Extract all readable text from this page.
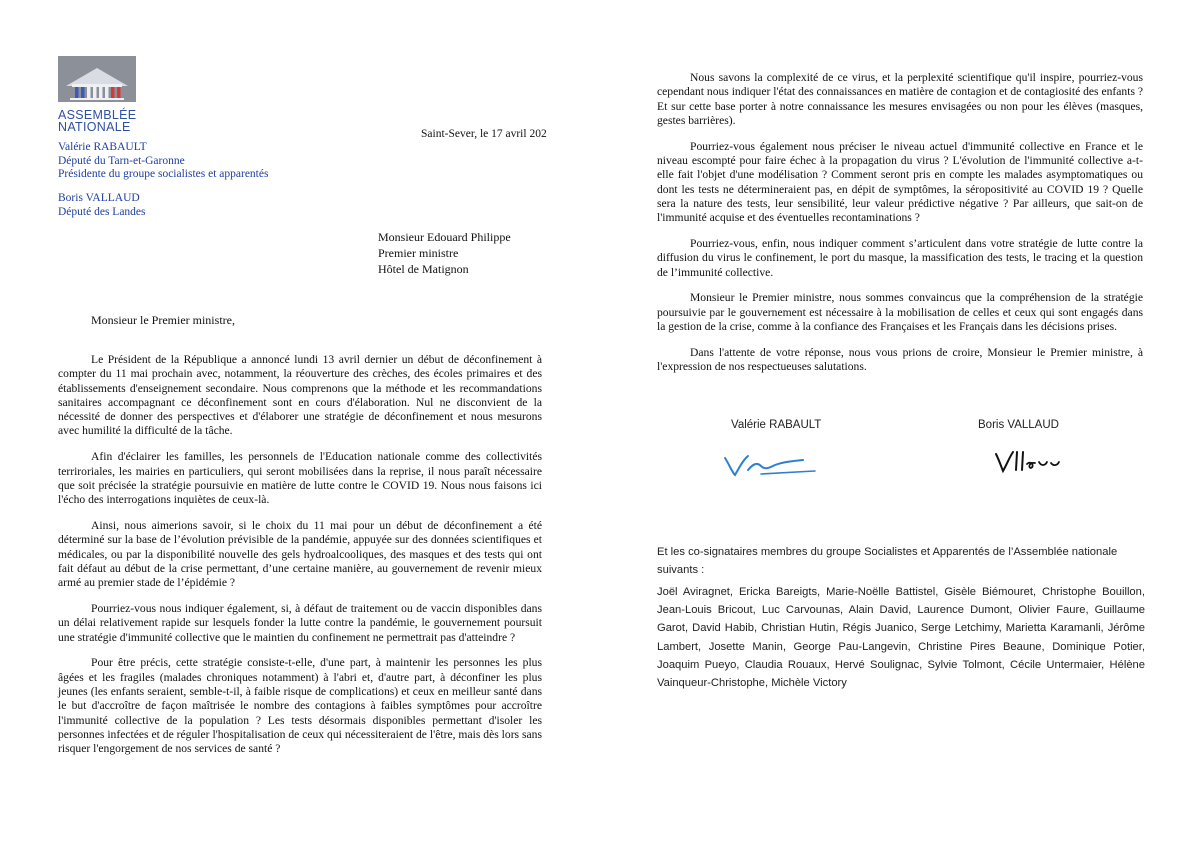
ASSEMBLÉE
NATIONALE
Valérie RABAULT
Député du Tarn-et-Garonne
Présidente du groupe socialistes et apparentés
Boris VALLAUD
Député des Landes
Saint-Sever, le 17 avril 202
Monsieur Edouard Philippe
Premier ministre
Hôtel de Matignon
Monsieur le Premier ministre,

Le Président de la République a annoncé lundi 13 avril dernier un début de déconfinement à compter du 11 mai prochain avec, notamment, la réouverture des crèches, des écoles primaires et des établissements d'enseignement secondaire. Nous comprenons que la méthode et les recommandations sanitaires accompagnant ce déconfinement sont en cours d'élaboration. Nul ne disconvient de la nécessité de donner des perspectives et d'élaborer une stratégie de déconfinement et nous mesurons avec humilité la difficulté de la tâche.

Afin d'éclairer les familles, les personnels de l'Education nationale comme des collectivités terriroriales, les mairies en particuliers, qui seront mobilisées dans la reprise, il nous paraît nécessaire que soit précisée la stratégie poursuivie en matière de lutte contre le COVID 19. Nous nous faisons ici l'écho des interrogations inquiètes de ceux-là.

Ainsi, nous aimerions savoir, si le choix du 11 mai pour un début de déconfinement a été déterminé sur la base de l’évolution prévisible de la pandémie, appuyée sur des données scientifiques et médicales, ou par la disponibilité nouvelle des gels hydroalcooliques, des masques et des tests qui ont fait défaut au début de la crise permettant, d’une certaine manière, au gouvernement de revenir mieux armé au premier stade de l’épidémie ?

Pourriez-vous nous indiquer également, si, à défaut de traitement ou de vaccin disponibles dans un délai relativement rapide sur lesquels fonder la lutte contre la pandémie, le gouvernement poursuit une stratégie d'immunité collective que le maintien du confinement ne permettrait pas d'atteindre ?

Pour être précis, cette stratégie consiste-t-elle, d'une part, à maintenir les personnes les plus âgées et les fragiles (malades chroniques notamment) à l'abri et, d'autre part, à déconfiner les plus jeunes (les enfants seraient, semble-t-il, à faible risque de complications) et ceux en meilleur santé dans le but d'accroître de façon maîtrisée le nombre des contagions à faibles symptômes pour accroître l'immunité collective de la population ? Les tests désormais disponibles permettant d'isoler les personnes infectées et de réguler l'hospitalisation de ceux qui nécessiteraient de l'être, mais dès lors sans risquer l'engorgement de nos services de santé ?

Nous savons la complexité de ce virus, et la perplexité scientifique qu'il inspire, pourriez-vous cependant nous indiquer l'état des connaissances en matière de contagion et de contagiosité des enfants ? Et sur cette base porter à notre connaissance les mesures envisagées ou non pour les élèves (masques, gestes barrières).

Pourriez-vous également nous préciser le niveau actuel d'immunité collective en France et le niveau escompté pour faire échec à la propagation du virus ? L'évolution de l'immunité collective a-t-elle fait l'objet d'une modélisation ? Comment seront pris en compte les malades asymptomatiques ou dont les tests ne détermineraient pas, en dépit de symptômes, la séropositivité au COVID 19 ? Quelle sera la nature des tests, leur sensibilité, leur valeur prédictive négative ? Par ailleurs, que sait-on de l'immunité acquise et des éventuelles recontaminations ?

Pourriez-vous, enfin, nous indiquer comment s’articulent dans votre stratégie de lutte contre la diffusion du virus le confinement, le port du masque, la massification des tests, le tracing et la question de l’immunité collective.

Monsieur le Premier ministre, nous sommes convaincus que la compréhension de la stratégie poursuivie par le gouvernement est nécessaire à la mobilisation de celles et ceux qui sont engagés dans la gestion de la crise, comme à la confiance des Françaises et les Français dans les décisions prises.

Dans l'attente de votre réponse, nous vous prions de croire, Monsieur le Premier ministre, à l'expression de nos respectueuses salutations.

Valérie RABAULT	Boris VALLAUD
Et les co-signataires membres du groupe Socialistes et Apparentés de l’Assemblée nationale suivants :
Joël Aviragnet, Ericka Bareigts, Marie-Noëlle Battistel, Gisèle Biémouret, Christophe Bouillon, Jean-Louis Bricout, Luc Carvounas, Alain David, Laurence Dumont, Olivier Faure, Guillaume Garot, David Habib, Christian Hutin, Régis Juanico, Serge Letchimy, Marietta Karamanli, Jérôme Lambert, Josette Manin, George Pau-Langevin, Christine Pires Beaune, Dominique Potier, Joaquim Pueyo, Claudia Rouaux, Hervé Soulignac, Sylvie Tolmont, Cécile Untermaier, Hélène Vainqueur-Christophe, Michèle Victory
